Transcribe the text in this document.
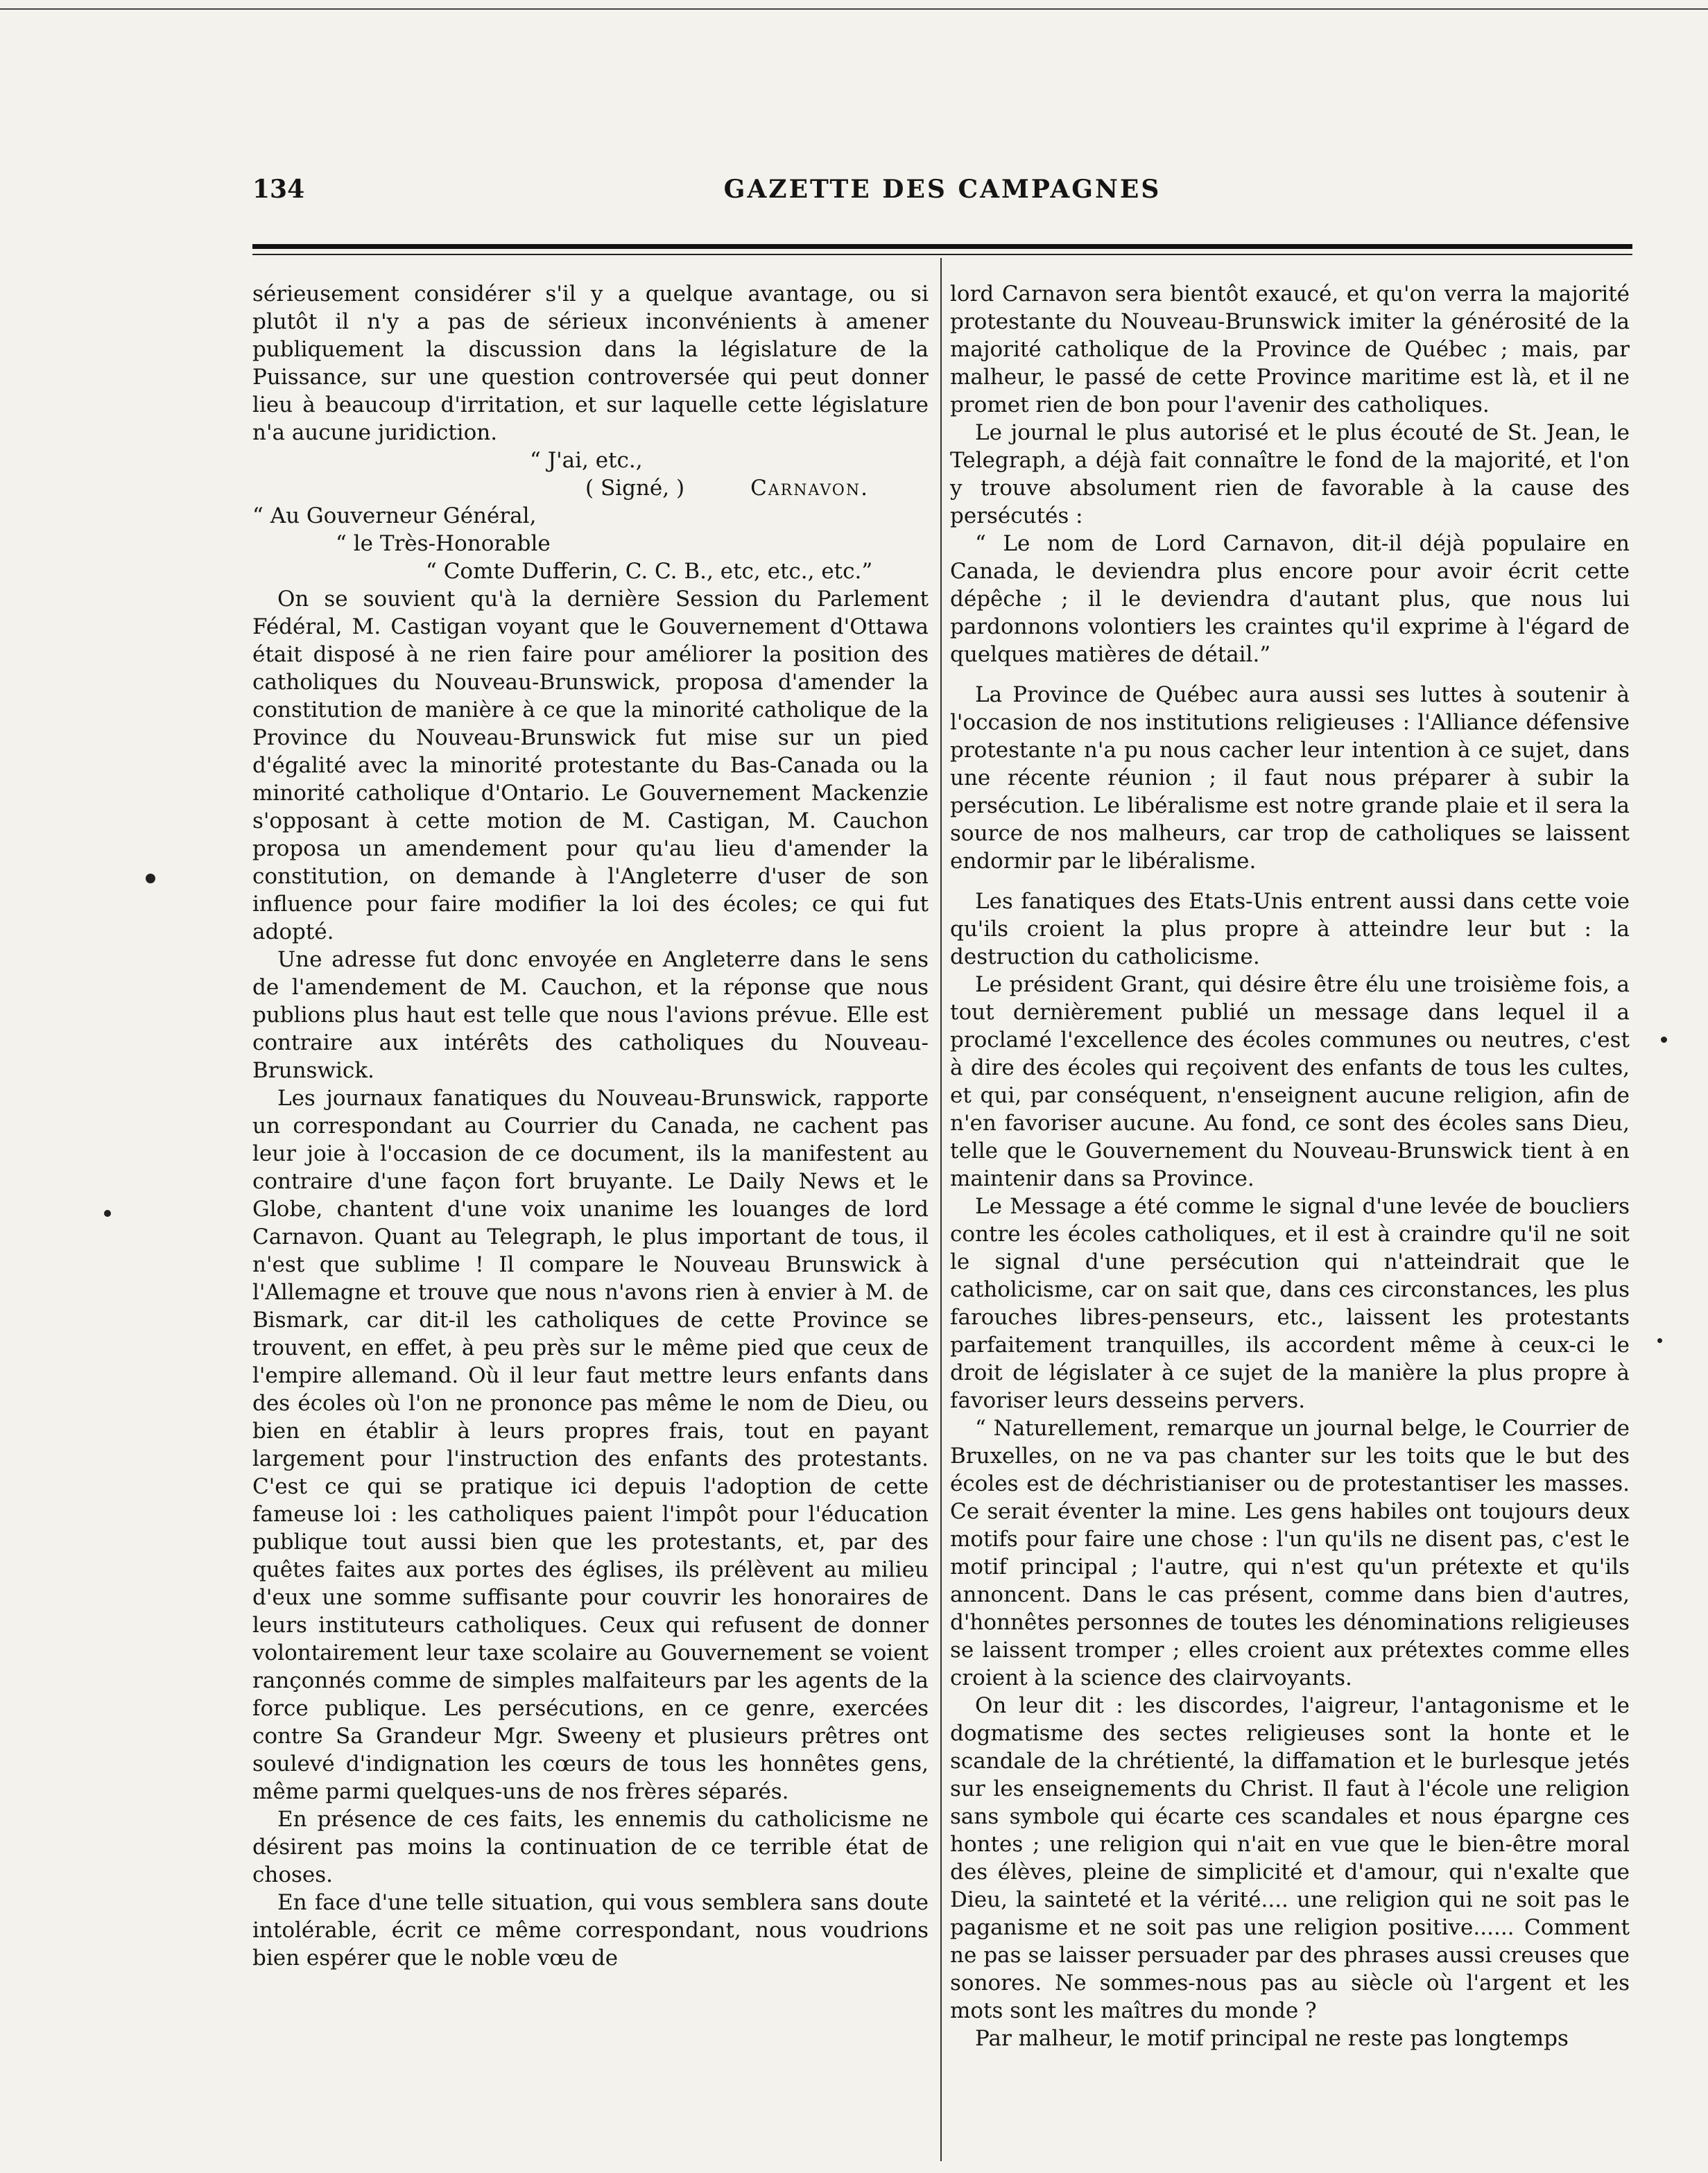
134	GAZETTE DES CAMPAGNES

sérieusement considérer s'il y a quelque avantage, ou si plutôt il n'y a pas de sérieux inconvénients à amener publiquement la discussion dans la législature de la Puissance, sur une question controversée qui peut donner lieu à beaucoup d'irritation, et sur laquelle cette législature n'a aucune juridiction.

“ J'ai, etc.,

( Signé, )	Carnavon.

“ Au Gouverneur Général,

“ le Très-Honorable

“ Comte Dufferin, C. C. B., etc, etc., etc.”

On se souvient qu'à la dernière Session du Parlement Fédéral, M. Castigan voyant que le Gouvernement d'Ottawa était disposé à ne rien faire pour améliorer la position des catholiques du Nouveau-Brunswick, proposa d'amender la constitution de manière à ce que la minorité catholique de la Province du Nouveau-Brunswick fut mise sur un pied d'égalité avec la minorité protestante du Bas-Canada ou la minorité catholique d'Ontario. Le Gouvernement Mackenzie s'opposant à cette motion de M. Castigan, M. Cauchon proposa un amendement pour qu'au lieu d'amender la constitution, on demande à l'Angleterre d'user de son influence pour faire modifier la loi des écoles; ce qui fut adopté.

Une adresse fut donc envoyée en Angleterre dans le sens de l'amendement de M. Cauchon, et la réponse que nous publions plus haut est telle que nous l'avions prévue. Elle est contraire aux intérêts des catholiques du Nouveau-Brunswick.

Les journaux fanatiques du Nouveau-Brunswick, rapporte un correspondant au Courrier du Canada, ne cachent pas leur joie à l'occasion de ce document, ils la manifestent au contraire d'une façon fort bruyante. Le Daily News et le Globe, chantent d'une voix unanime les louanges de lord Carnavon. Quant au Telegraph, le plus important de tous, il n'est que sublime ! Il compare le Nouveau Brunswick à l'Allemagne et trouve que nous n'avons rien à envier à M. de Bismark, car dit-il les catholiques de cette Province se trouvent, en effet, à peu près sur le même pied que ceux de l'empire allemand. Où il leur faut mettre leurs enfants dans des écoles où l'on ne prononce pas même le nom de Dieu, ou bien en établir à leurs propres frais, tout en payant largement pour l'instruction des enfants des protestants. C'est ce qui se pratique ici depuis l'adoption de cette fameuse loi : les catholiques paient l'impôt pour l'éducation publique tout aussi bien que les protestants, et, par des quêtes faites aux portes des églises, ils prélèvent au milieu d'eux une somme suffisante pour couvrir les honoraires de leurs instituteurs catholiques. Ceux qui refusent de donner volontairement leur taxe scolaire au Gouvernement se voient rançonnés comme de simples malfaiteurs par les agents de la force publique. Les persécutions, en ce genre, exercées contre Sa Grandeur Mgr. Sweeny et plusieurs prêtres ont soulevé d'indignation les cœurs de tous les honnêtes gens, même parmi quelques-uns de nos frères séparés.

En présence de ces faits, les ennemis du catholicisme ne désirent pas moins la continuation de ce terrible état de choses.

En face d'une telle situation, qui vous semblera sans doute intolérable, écrit ce même correspondant, nous voudrions bien espérer que le noble vœu de

lord Carnavon sera bientôt exaucé, et qu'on verra la majorité protestante du Nouveau-Brunswick imiter la générosité de la majorité catholique de la Province de Québec ; mais, par malheur, le passé de cette Province maritime est là, et il ne promet rien de bon pour l'avenir des catholiques.

Le journal le plus autorisé et le plus écouté de St. Jean, le Telegraph, a déjà fait connaître le fond de la majorité, et l'on y trouve absolument rien de favorable à la cause des persécutés :

“ Le nom de Lord Carnavon, dit-il déjà populaire en Canada, le deviendra plus encore pour avoir écrit cette dépêche ; il le deviendra d'autant plus, que nous lui pardonnons volontiers les craintes qu'il exprime à l'égard de quelques matières de détail.”

La Province de Québec aura aussi ses luttes à soutenir à l'occasion de nos institutions religieuses : l'Alliance défensive protestante n'a pu nous cacher leur intention à ce sujet, dans une récente réunion ; il faut nous préparer à subir la persécution. Le libéralisme est notre grande plaie et il sera la source de nos malheurs, car trop de catholiques se laissent endormir par le libéralisme.

Les fanatiques des Etats-Unis entrent aussi dans cette voie qu'ils croient la plus propre à atteindre leur but : la destruction du catholicisme.

Le président Grant, qui désire être élu une troisième fois, a tout dernièrement publié un message dans lequel il a proclamé l'excellence des écoles communes ou neutres, c'est à dire des écoles qui reçoivent des enfants de tous les cultes, et qui, par conséquent, n'enseignent aucune religion, afin de n'en favoriser aucune. Au fond, ce sont des écoles sans Dieu, telle que le Gouvernement du Nouveau-Brunswick tient à en maintenir dans sa Province.

Le Message a été comme le signal d'une levée de boucliers contre les écoles catholiques, et il est à craindre qu'il ne soit le signal d'une persécution qui n'atteindrait que le catholicisme, car on sait que, dans ces circonstances, les plus farouches libres-penseurs, etc., laissent les protestants parfaitement tranquilles, ils accordent même à ceux-ci le droit de législater à ce sujet de la manière la plus propre à favoriser leurs desseins pervers.

“ Naturellement, remarque un journal belge, le Courrier de Bruxelles, on ne va pas chanter sur les toits que le but des écoles est de déchristianiser ou de protestantiser les masses. Ce serait éventer la mine. Les gens habiles ont toujours deux motifs pour faire une chose : l'un qu'ils ne disent pas, c'est le motif principal ; l'autre, qui n'est qu'un prétexte et qu'ils annoncent. Dans le cas présent, comme dans bien d'autres, d'honnêtes personnes de toutes les dénominations religieuses se laissent tromper ; elles croient aux prétextes comme elles croient à la science des clairvoyants.

On leur dit : les discordes, l'aigreur, l'antagonisme et le dogmatisme des sectes religieuses sont la honte et le scandale de la chrétienté, la diffamation et le burlesque jetés sur les enseignements du Christ. Il faut à l'école une religion sans symbole qui écarte ces scandales et nous épargne ces hontes ; une religion qui n'ait en vue que le bien-être moral des élèves, pleine de simplicité et d'amour, qui n'exalte que Dieu, la sainteté et la vérité.... une religion qui ne soit pas le paganisme et ne soit pas une religion positive...... Comment ne pas se laisser persuader par des phrases aussi creuses que sonores. Ne sommes-nous pas au siècle où l'argent et les mots sont les maîtres du monde ?

Par malheur, le motif principal ne reste pas longtemps
